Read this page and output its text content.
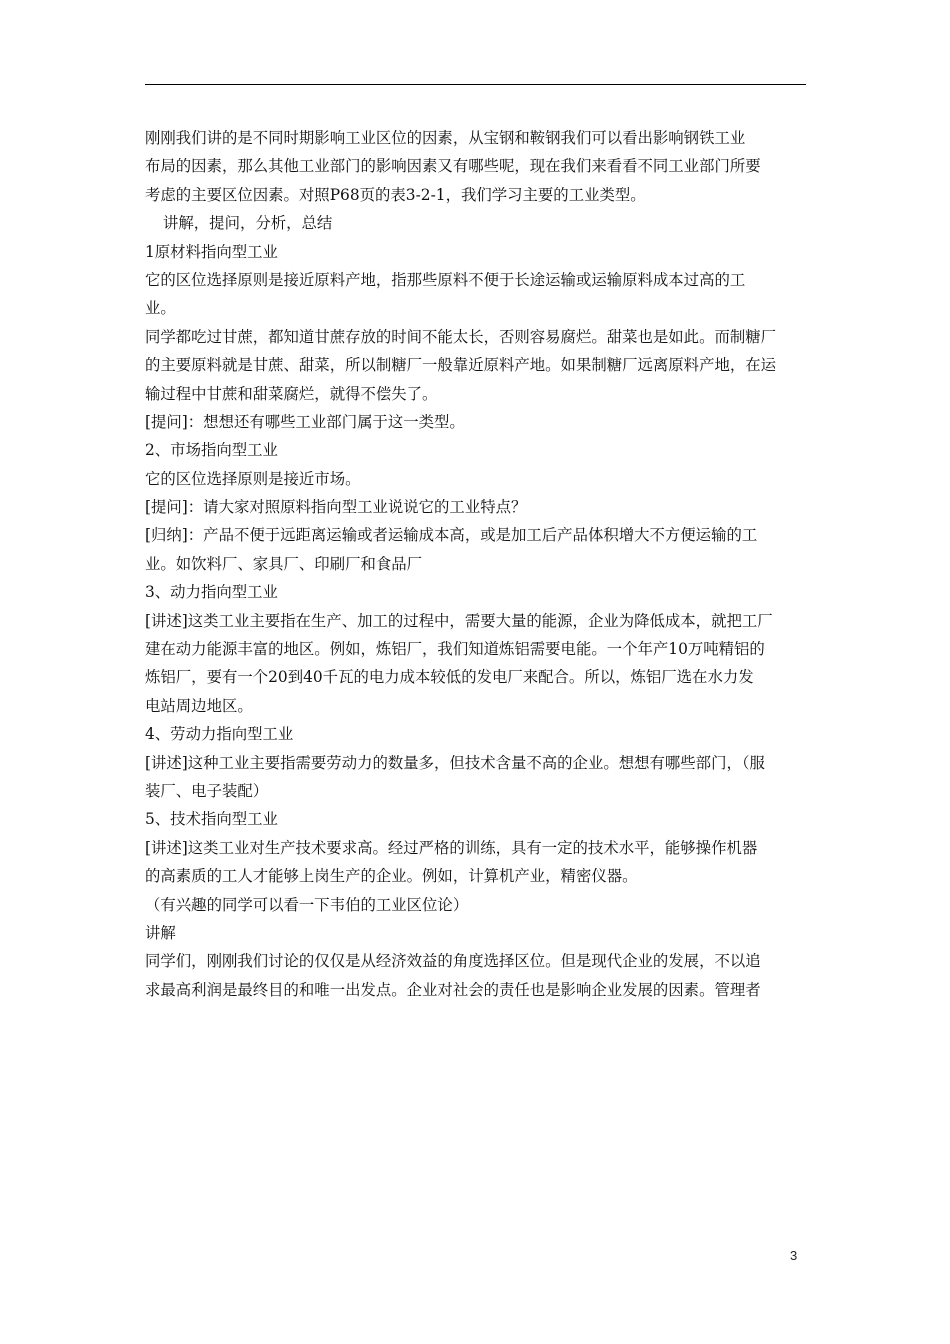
刚刚我们讲的是不同时期影响工业区位的因素，从宝钢和鞍钢我们可以看出影响钢铁工业
布局的因素，那么其他工业部门的影响因素又有哪些呢，现在我们来看看不同工业部门所要
考虑的主要区位因素。对照P68页的表3-2-1，我们学习主要的工业类型。
讲解，提问，分析，总结
1原材料指向型工业
它的区位选择原则是接近原料产地，指那些原料不便于长途运输或运输原料成本过高的工
业。
同学都吃过甘蔗，都知道甘蔗存放的时间不能太长，否则容易腐烂。甜菜也是如此。而制糖厂
的主要原料就是甘蔗、甜菜，所以制糖厂一般靠近原料产地。如果制糖厂远离原料产地，在运
输过程中甘蔗和甜菜腐烂，就得不偿失了。
[提问]：想想还有哪些工业部门属于这一类型。
2、市场指向型工业
它的区位选择原则是接近市场。
[提问]：请大家对照原料指向型工业说说它的工业特点？
[归纳]：产品不便于远距离运输或者运输成本高，或是加工后产品体积增大不方便运输的工
业。如饮料厂、家具厂、印刷厂和食品厂
3、动力指向型工业
[讲述]这类工业主要指在生产、加工的过程中，需要大量的能源，企业为降低成本，就把工厂
建在动力能源丰富的地区。例如，炼铝厂，我们知道炼铝需要电能。一个年产10万吨精铝的
炼铝厂，要有一个20到40千瓦的电力成本较低的发电厂来配合。所以，炼铝厂选在水力发
电站周边地区。
4、劳动力指向型工业
[讲述]这种工业主要指需要劳动力的数量多，但技术含量不高的企业。想想有哪些部门，（服
装厂、电子装配）
5、技术指向型工业
[讲述]这类工业对生产技术要求高。经过严格的训练，具有一定的技术水平，能够操作机器
的高素质的工人才能够上岗生产的企业。例如，计算机产业，精密仪器。
（有兴趣的同学可以看一下韦伯的工业区位论）
讲解
同学们，刚刚我们讨论的仅仅是从经济效益的角度选择区位。但是现代企业的发展，不以追
求最高利润是最终目的和唯一出发点。企业对社会的责任也是影响企业发展的因素。管理者
3
